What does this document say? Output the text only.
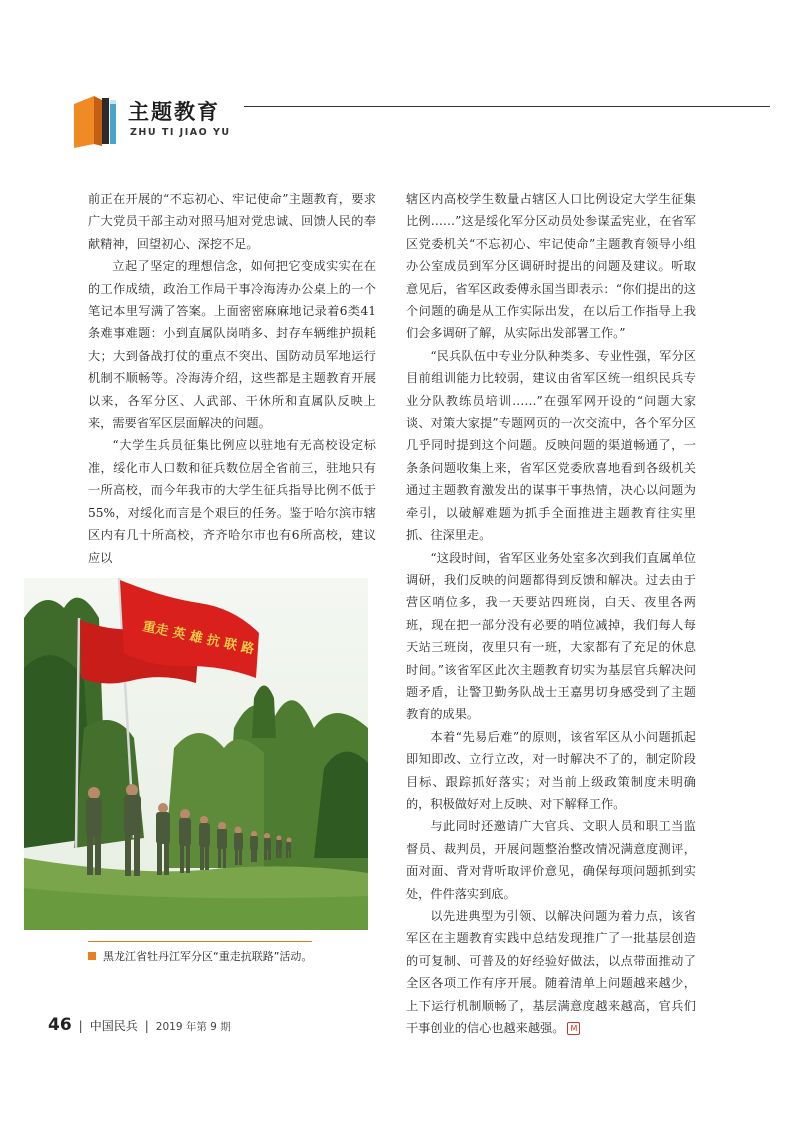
主题教育
ZHU TI JIAO YU

前正在开展的“不忘初心、牢记使命”主题教育，要求广大党员干部主动对照马旭对党忠诚、回馈人民的奉献精神，回望初心、深挖不足。

立起了坚定的理想信念，如何把它变成实实在在的工作成绩，政治工作局干事冷海涛办公桌上的一个笔记本里写满了答案。上面密密麻麻地记录着6类41条难事难题：小到直属队岗哨多、封存车辆维护损耗大；大到备战打仗的重点不突出、国防动员军地运行机制不顺畅等。冷海涛介绍，这些都是主题教育开展以来，各军分区、人武部、干休所和直属队反映上来，需要省军区层面解决的问题。

“大学生兵员征集比例应以驻地有无高校设定标准，绥化市人口数和征兵数位居全省前三，驻地只有一所高校，而今年我市的大学生征兵指导比例不低于55%，对绥化而言是个艰巨的任务。鉴于哈尔滨市辖区内有几十所高校，齐齐哈尔市也有6所高校，建议应以

辖区内高校学生数量占辖区人口比例设定大学生征集比例……”这是绥化军分区动员处参谋孟宪业，在省军区党委机关“不忘初心、牢记使命”主题教育领导小组办公室成员到军分区调研时提出的问题及建议。听取意见后，省军区政委傅永国当即表示：“你们提出的这个问题的确是从工作实际出发，在以后工作指导上我们会多调研了解，从实际出发部署工作。”

“民兵队伍中专业分队种类多、专业性强，军分区目前组训能力比较弱，建议由省军区统一组织民兵专业分队教练员培训……”在强军网开设的“问题大家谈、对策大家提”专题网页的一次交流中，各个军分区几乎同时提到这个问题。反映问题的渠道畅通了，一条条问题收集上来，省军区党委欣喜地看到各级机关通过主题教育激发出的谋事干事热情，决心以问题为牵引，以破解难题为抓手全面推进主题教育往实里抓、往深里走。

“这段时间，省军区业务处室多次到我们直属单位调研，我们反映的问题都得到反馈和解决。过去由于营区哨位多，我一天要站四班岗，白天、夜里各两班，现在把一部分没有必要的哨位减掉，我们每人每天站三班岗，夜里只有一班，大家都有了充足的休息时间。”该省军区此次主题教育切实为基层官兵解决问题矛盾，让警卫勤务队战士王嘉男切身感受到了主题教育的成果。

本着“先易后难”的原则，该省军区从小问题抓起即知即改、立行立改，对一时解决不了的，制定阶段目标、跟踪抓好落实；对当前上级政策制度未明确的，积极做好对上反映、对下解释工作。

与此同时还邀请广大官兵、文职人员和职工当监督员、裁判员，开展问题整治整改情况满意度测评，面对面、背对背听取评价意见，确保每项问题抓到实处，件件落实到底。

以先进典型为引领、以解决问题为着力点，该省军区在主题教育实践中总结发现推广了一批基层创造的可复制、可普及的好经验好做法，以点带面推动了全区各项工作有序开展。随着清单上问题越来越少，上下运行机制顺畅了，基层满意度越来越高，官兵们干事创业的信心也越来越强。 M

重走 英 雄 抗 联 路
黑龙江省牡丹江军分区“重走抗联路”活动。
46 | 中国民兵 | 2019 年第 9 期
